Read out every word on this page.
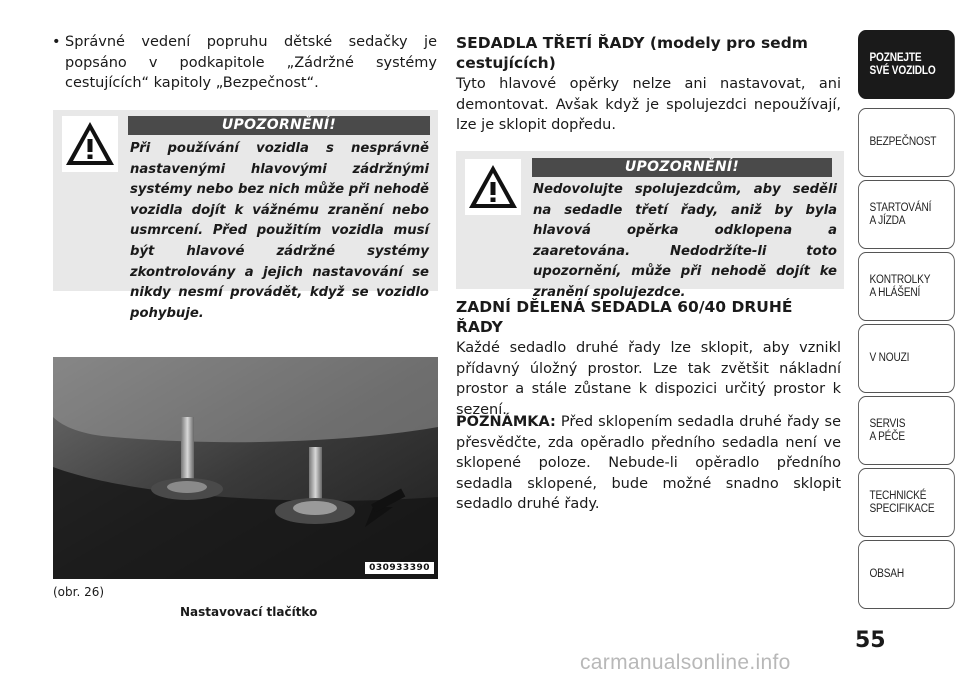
• Správné vedení popruhu dětské sedačky je popsáno v podkapitole „Zádržné systémy cestujících“ kapitoly „Bezpečnost“.
UPOZORNĚNÍ!
Při používání vozidla s nesprávně nastavenými hlavovými zádržnými systémy nebo bez nich může při nehodě vozidla dojít k vážnému zranění nebo usmrcení. Před použitím vozidla musí být hlavové zádržné systémy zkontrolovány a jejich nastavování se nikdy nesmí provádět, když se vozidlo pohybuje.
030933390
(obr. 26)
Nastavovací tlačítko
SEDADLA TŘETÍ ŘADY (modely pro sedm cestujících)
Tyto hlavové opěrky nelze ani nastavovat, ani demontovat. Avšak když je spolujezdci nepoužívají, lze je sklopit dopředu.
UPOZORNĚNÍ!
Nedovolujte spolujezdcům, aby seděli na sedadle třetí řady, aniž by byla hlavová opěrka odklopena a zaaretována. Nedodržíte-li toto upozornění, může při nehodě dojít ke zranění spolujezdce.
ZADNÍ DĚLENÁ SEDADLA 60/40 DRUHÉ ŘADY
Každé sedadlo druhé řady lze sklopit, aby vznikl přídavný úložný prostor. Lze tak zvětšit nákladní prostor a stále zůstane k dispozici určitý prostor k sezení.
POZNÁMKA: Před sklopením sedadla druhé řady se přesvědčte, zda opěradlo předního sedadla není ve sklopené poloze. Nebude-li opěradlo předního sedadla sklopené, bude možné snadno sklopit sedadlo druhé řady.
POZNEJTE
SVÉ VOZIDLO
BEZPEČNOST
STARTOVÁNÍ
A JÍZDA
KONTROLKY
A HLÁŠENÍ
V NOUZI
SERVIS
A PÉČE
TECHNICKÉ
SPECIFIKACE
OBSAH
55
carmanualsonline.info
